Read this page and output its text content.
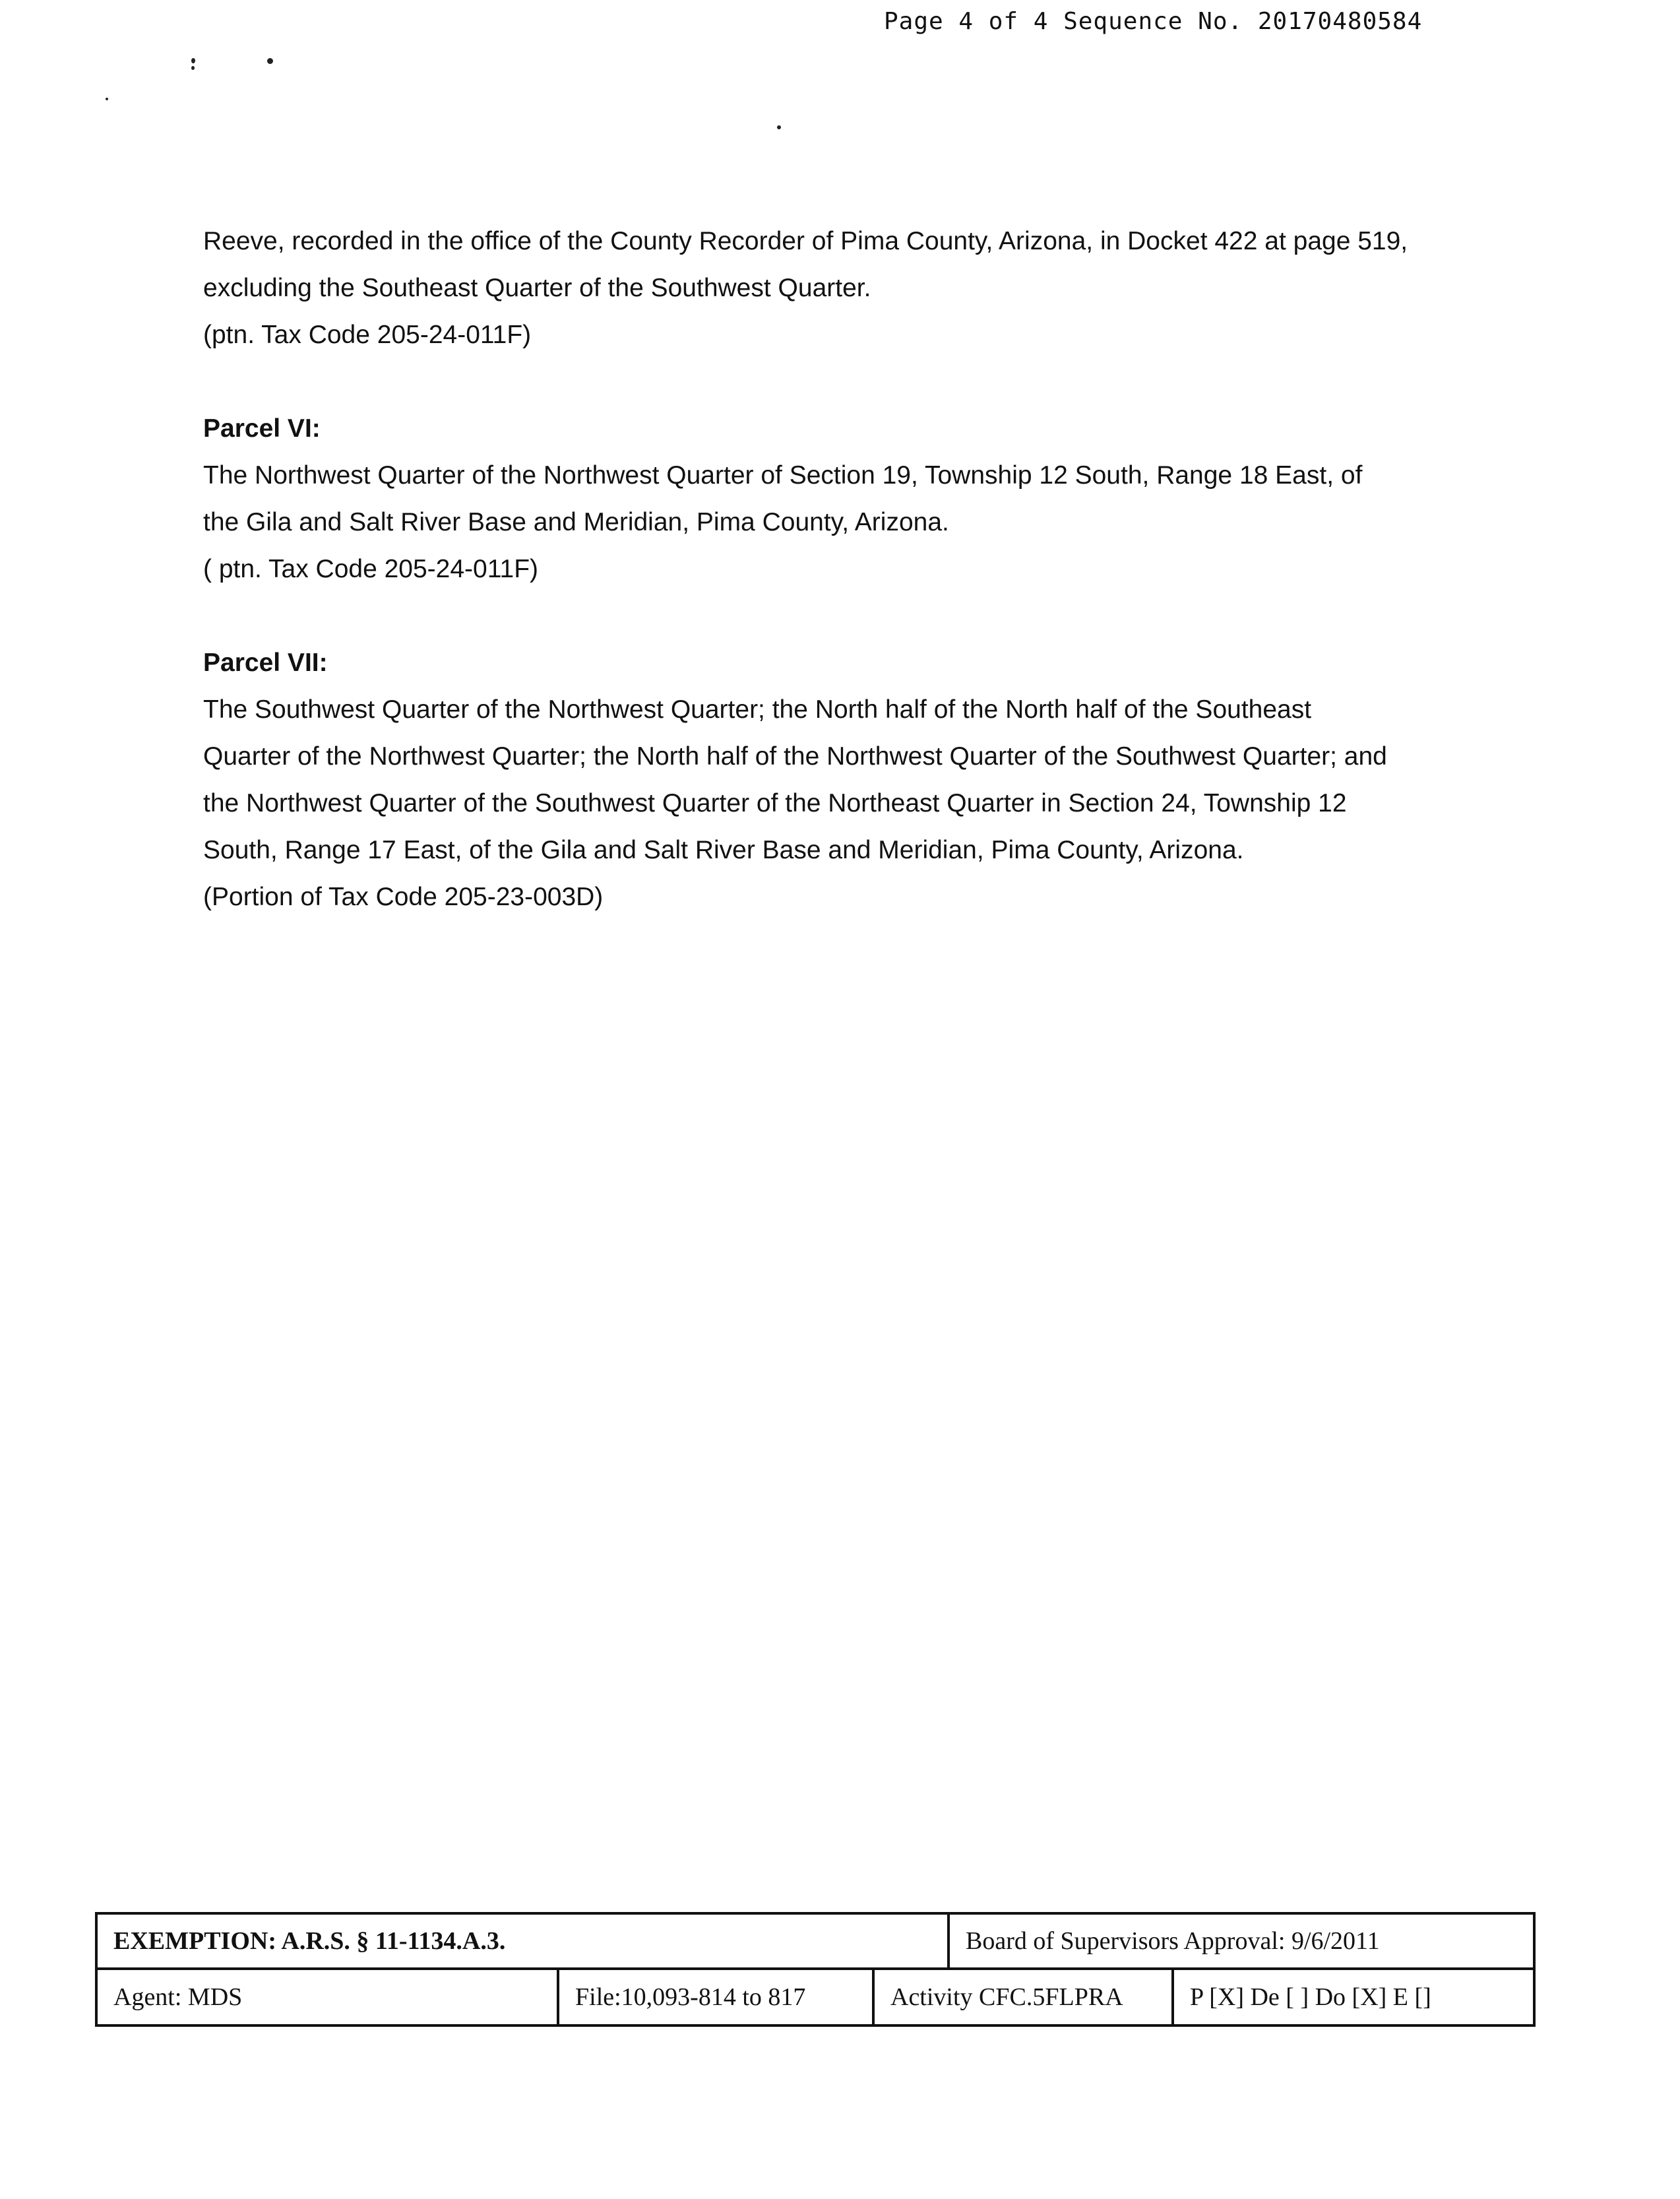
Page 4 of 4 Sequence No. 20170480584

Reeve, recorded in the office of the County Recorder of Pima County, Arizona, in Docket 422 at page 519,

excluding the Southeast Quarter of the Southwest Quarter.

(ptn. Tax Code 205-24-011F)

Parcel VI:

The Northwest Quarter of the Northwest Quarter of Section 19, Township 12 South, Range 18 East, of

the Gila and Salt River Base and Meridian, Pima County, Arizona.

( ptn. Tax Code 205-24-011F)

Parcel VII:

The Southwest Quarter of the Northwest Quarter; the North half of the North half of the Southeast

Quarter of the Northwest Quarter; the North half of the Northwest Quarter of the Southwest Quarter; and

the Northwest Quarter of the Southwest Quarter of the Northeast Quarter in Section 24, Township 12

South, Range 17 East, of the Gila and Salt River Base and Meridian, Pima County, Arizona.

(Portion of Tax Code 205-23-003D)

EXEMPTION: A.R.S. § 11-1134.A.3.	Board of Supervisors Approval: 9/6/2011
Agent: MDS	File:10,093-814 to 817	Activity CFC.5FLPRA	P [X] De [ ] Do [X] E []
